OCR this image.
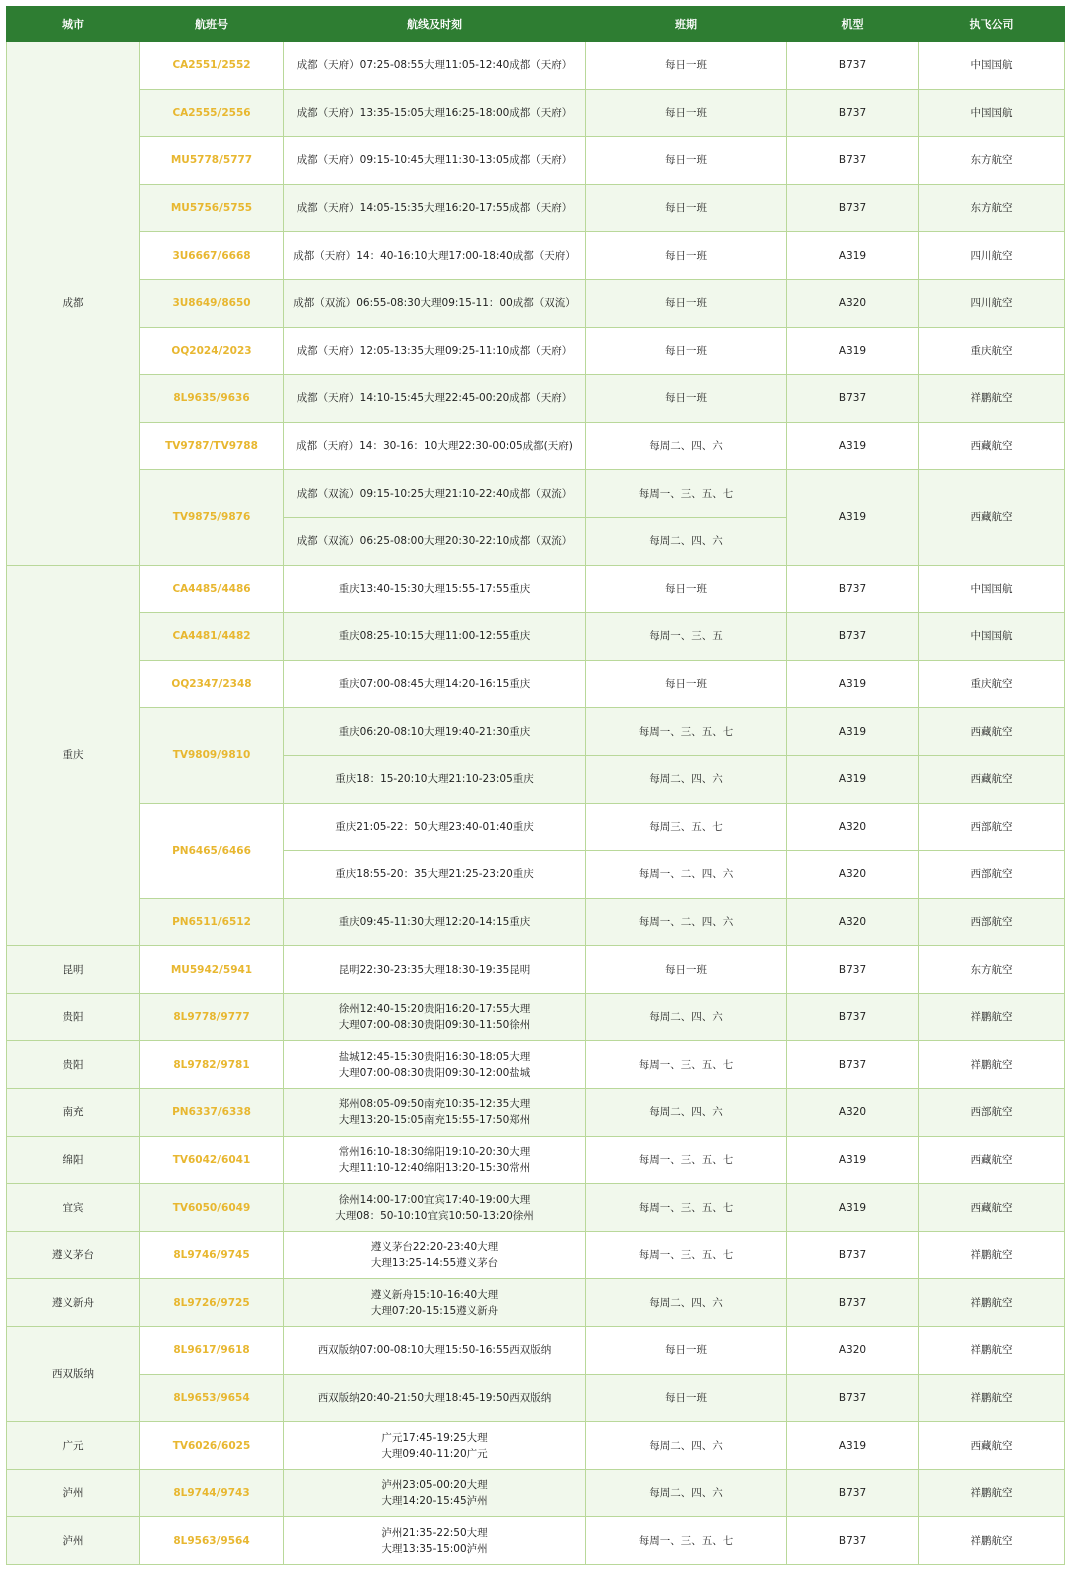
城市	航班号	航线及时刻	班期	机型	执飞公司
成都	CA2551/2552	成都（天府）07:25-08:55大理11:05-12:40成都（天府）	每日一班	B737	中国国航
	CA2555/2556	成都（天府）13:35-15:05大理16:25-18:00成都（天府）	每日一班	B737	中国国航
	MU5778/5777	成都（天府）09:15-10:45大理11:30-13:05成都（天府）	每日一班	B737	东方航空
	MU5756/5755	成都（天府）14:05-15:35大理16:20-17:55成都（天府）	每日一班	B737	东方航空
	3U6667/6668	成都（天府）14：40-16:10大理17:00-18:40成都（天府）	每日一班	A319	四川航空
	3U8649/8650	成都（双流）06:55-08:30大理09:15-11：00成都（双流）	每日一班	A320	四川航空
	OQ2024/2023	成都（天府）12:05-13:35大理09:25-11:10成都（天府）	每日一班	A319	重庆航空
	8L9635/9636	成都（天府）14:10-15:45大理22:45-00:20成都（天府）	每日一班	B737	祥鹏航空
	TV9787/TV9788	成都（天府）14：30-16：10大理22:30-00:05成都(天府)	每周二、四、六	A319	西藏航空
	TV9875/9876	成都（双流）09:15-10:25大理21:10-22:40成都（双流）	每周一、三、五、七	A319	西藏航空

		成都（双流）06:25-08:00大理20:30-22:10成都（双流）	每周二、四、六		
重庆	CA4485/4486	重庆13:40-15:30大理15:55-17:55重庆	每日一班	B737	中国国航
	CA4481/4482	重庆08:25-10:15大理11:00-12:55重庆	每周一、三、五	B737	中国国航
	OQ2347/2348	重庆07:00-08:45大理14:20-16:15重庆	每日一班	A319	重庆航空
	TV9809/9810	重庆06:20-08:10大理19:40-21:30重庆	每周一、三、五、七	A319	西藏航空

		重庆18：15-20:10大理21:10-23:05重庆	每周二、四、六	A319	西藏航空
	PN6465/6466	重庆21:05-22：50大理23:40-01:40重庆	每周三、五、七	A320	西部航空

		重庆18:55-20：35大理21:25-23:20重庆	每周一、二、四、六	A320	西部航空
	PN6511/6512	重庆09:45-11:30大理12:20-14:15重庆	每周一、二、四、六	A320	西部航空
昆明	MU5942/5941	昆明22:30-23:35大理18:30-19:35昆明	每日一班	B737	东方航空
贵阳	8L9778/9777	徐州12:40-15:20贵阳16:20-17:55大理
大理07:00-08:30贵阳09:30-11:50徐州	每周二、四、六	B737	祥鹏航空
贵阳	8L9782/9781	盐城12:45-15:30贵阳16:30-18:05大理
大理07:00-08:30贵阳09:30-12:00盐城	每周一、三、五、七	B737	祥鹏航空
南充	PN6337/6338	郑州08:05-09:50南充10:35-12:35大理
大理13:20-15:05南充15:55-17:50郑州	每周二、四、六	A320	西部航空
绵阳	TV6042/6041	常州16:10-18:30绵阳19:10-20:30大理
大理11:10-12:40绵阳13:20-15:30常州	每周一、三、五、七	A319	西藏航空
宜宾	TV6050/6049	徐州14:00-17:00宜宾17:40-19:00大理
大理08：50-10:10宜宾10:50-13:20徐州	每周一、三、五、七	A319	西藏航空
遵义茅台	8L9746/9745	遵义茅台22:20-23:40大理
大理13:25-14:55遵义茅台	每周一、三、五、七	B737	祥鹏航空
遵义新舟	8L9726/9725	遵义新舟15:10-16:40大理
大理07:20-15:15遵义新舟	每周二、四、六	B737	祥鹏航空
西双版纳	8L9617/9618	西双版纳07:00-08:10大理15:50-16:55西双版纳	每日一班	A320	祥鹏航空
	8L9653/9654	西双版纳20:40-21:50大理18:45-19:50西双版纳	每日一班	B737	祥鹏航空
广元	TV6026/6025	广元17:45-19:25大理
大理09:40-11:20广元	每周二、四、六	A319	西藏航空
泸州	8L9744/9743	泸州23:05-00:20大理
大理14:20-15:45泸州	每周二、四、六	B737	祥鹏航空
泸州	8L9563/9564	泸州21:35-22:50大理
大理13:35-15:00泸州	每周一、三、五、七	B737	祥鹏航空
